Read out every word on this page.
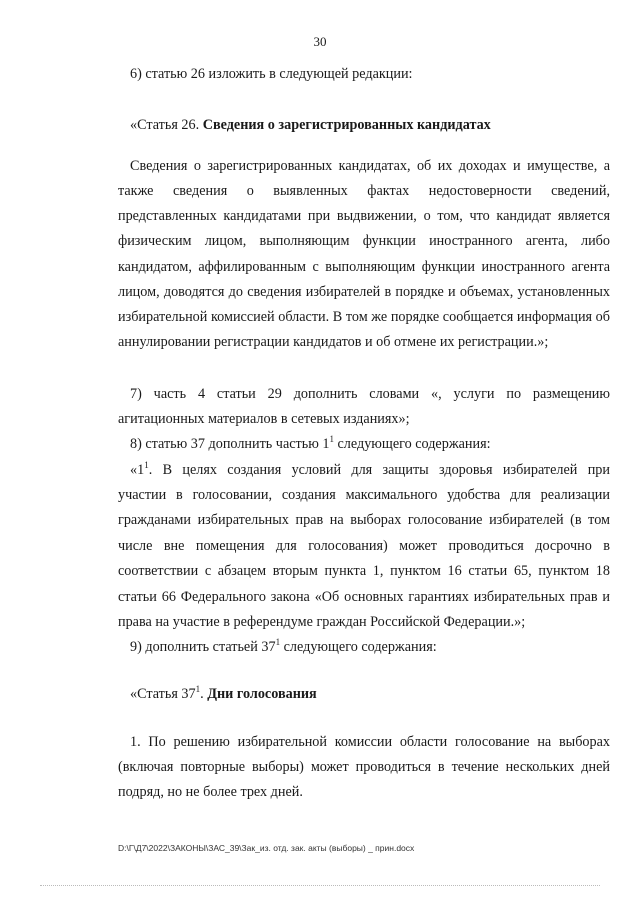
30
6) статью 26 изложить в следующей редакции:
«Статья 26. Сведения о зарегистрированных кандидатах
Сведения о зарегистрированных кандидатах, об их доходах и имуществе, а
также сведения о выявленных фактах недостоверности сведений,
представленных кандидатами при выдвижении, о том, что кандидат является
физическим лицом, выполняющим функции иностранного агента, либо
кандидатом, аффилированным с выполняющим функции иностранного агента
лицом, доводятся до сведения избирателей в порядке и объемах, установленных
избирательной комиссией области. В том же порядке сообщается информация об
аннулировании регистрации кандидатов и об отмене их регистрации.»;
7) часть 4 статьи 29 дополнить словами «, услуги по размещению
агитационных материалов в сетевых изданиях»;
8) статью 37 дополнить частью $1^1$ следующего содержания:
«$1^1$. В целях создания условий для защиты здоровья избирателей при
участии в голосовании, создания максимального удобства для реализации
гражданами избирательных прав на выборах голосование избирателей (в том
числе вне помещения для голосования) может проводиться досрочно в
соответствии с абзацем вторым пункта 1, пунктом 16 статьи 65, пунктом 18
статьи 66 Федерального закона «Об основных гарантиях избирательных прав и
права на участие в референдуме граждан Российской Федерации.»;
9) дополнить статьей $37^1$ следующего содержания:
«Статья $37^1$. Дни голосования
1. По решению избирательной комиссии области голосование на выборах
(включая повторные выборы) может проводиться в течение нескольких дней
подряд, но не более трех дней.
D:\Г\Д7\2022\ЗАКОНЫ\ЗАС_39\Зак_из. отд. зак. акты (выборы) _ прин.docx
